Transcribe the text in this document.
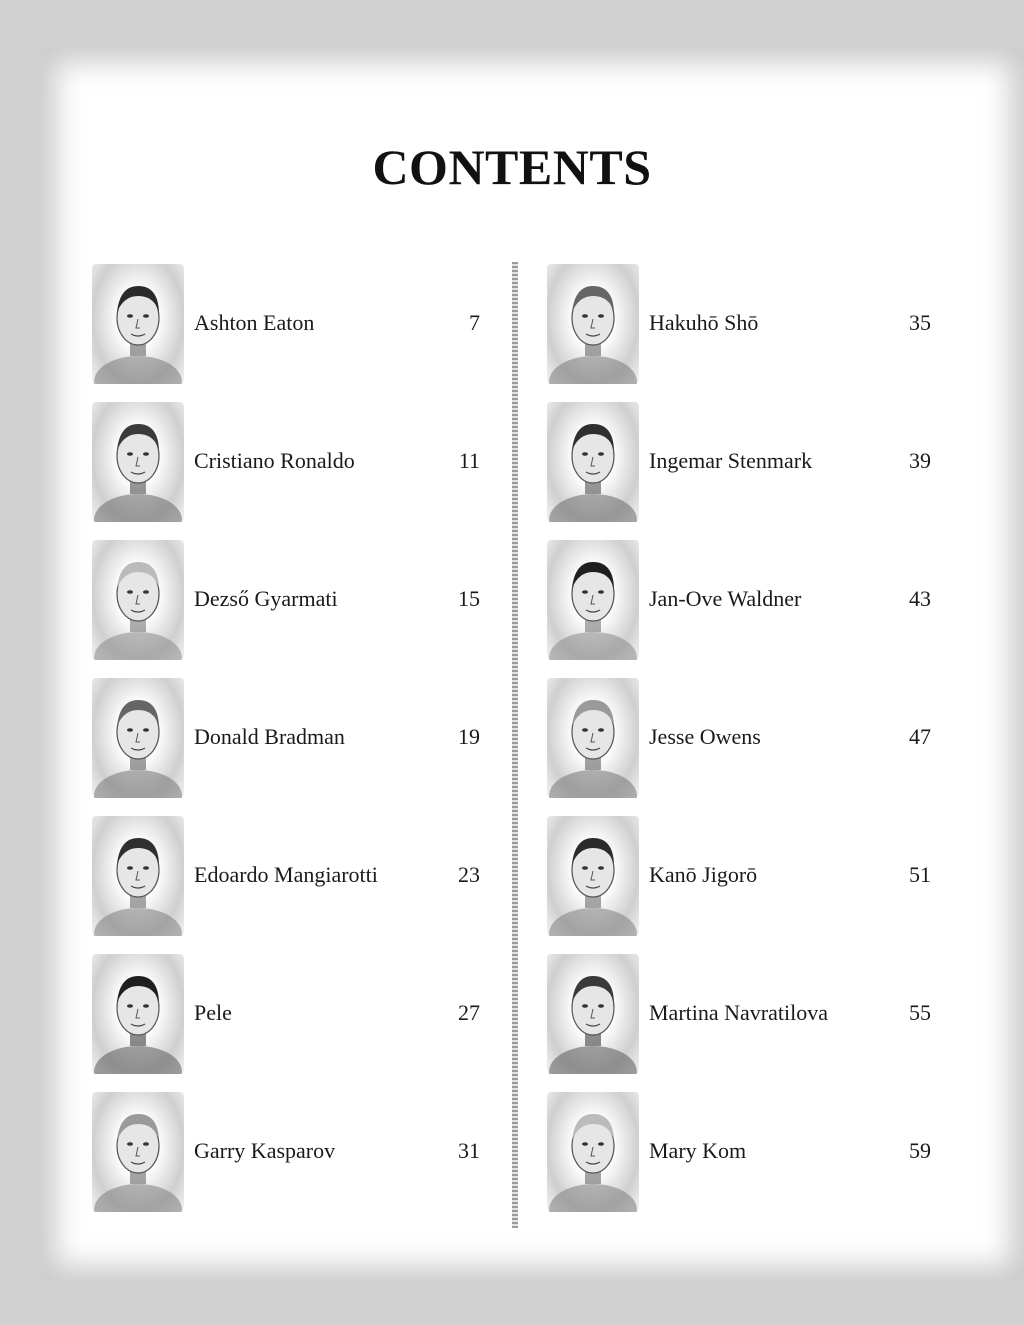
CONTENTS
Ashton Eaton	7
Cristiano Ronaldo	11
Dezső Gyarmati	15
Donald Bradman	19
Edoardo Mangiarotti	23
Pele	27
Garry Kasparov	31
Hakuhō Shō	35
Ingemar Stenmark	39
Jan-Ove Waldner	43
Jesse Owens	47
Kanō Jigorō	51
Martina Navratilova	55
Mary Kom	59
